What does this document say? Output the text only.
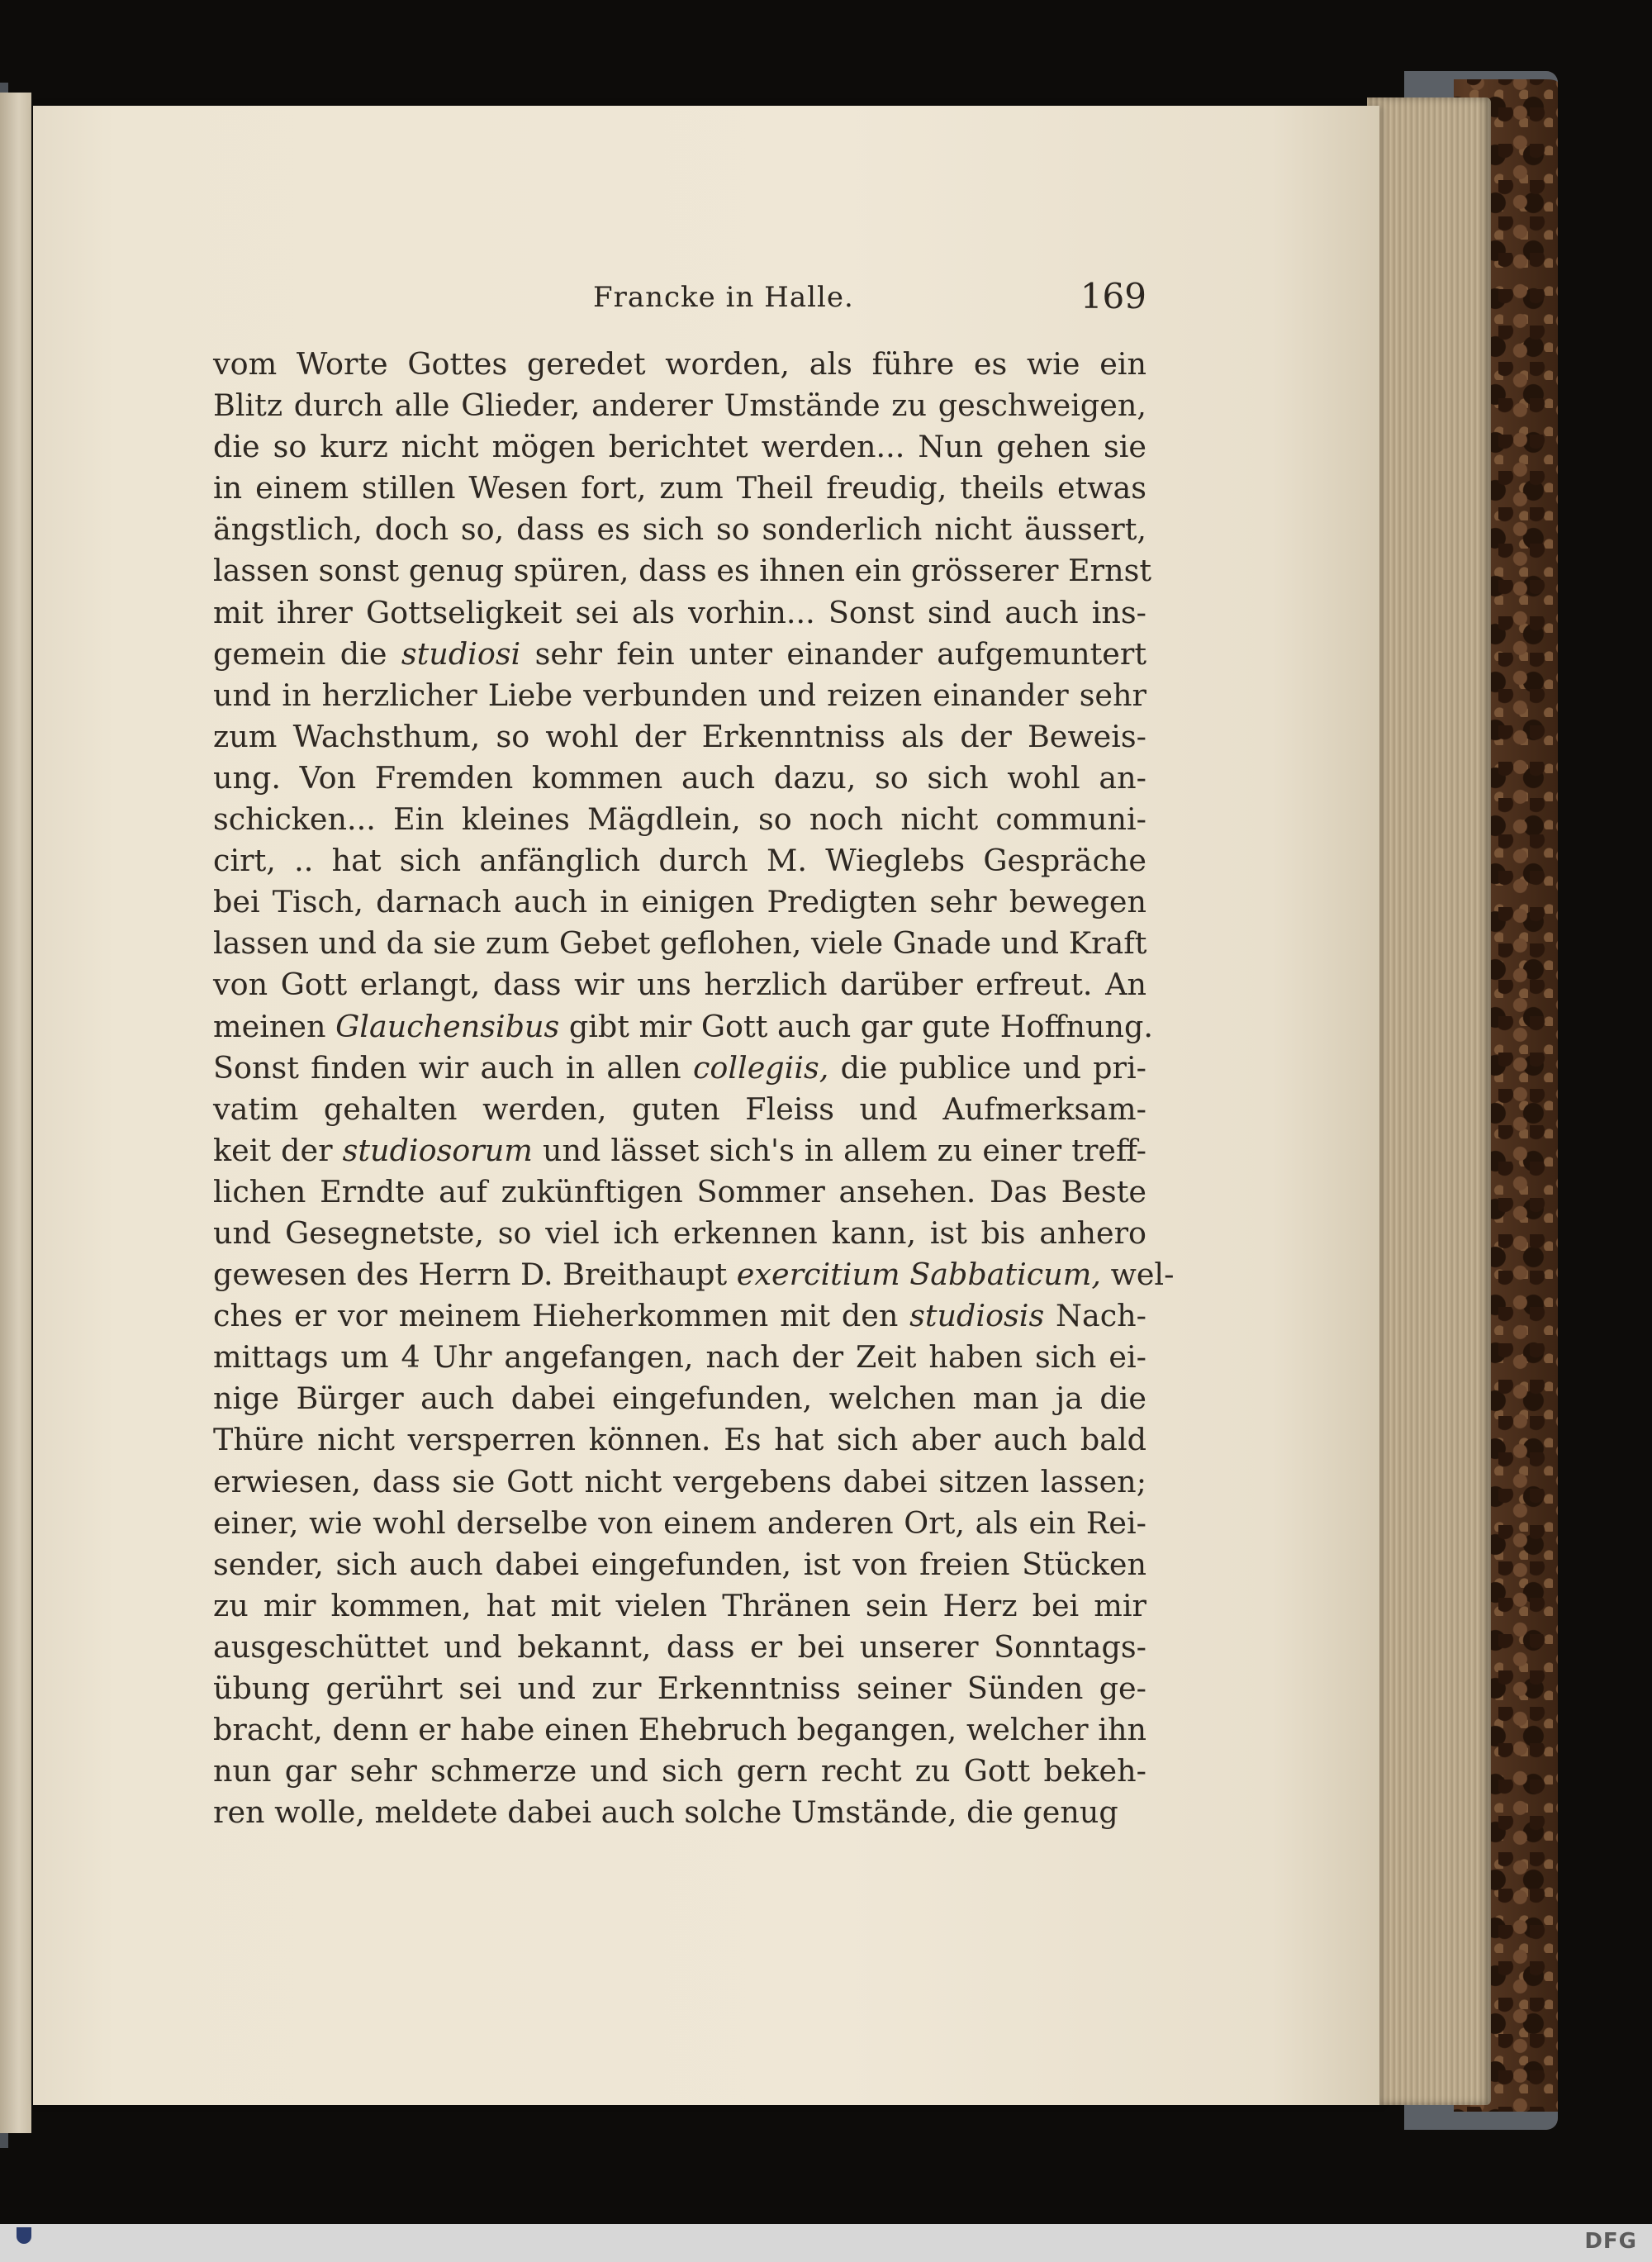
Francke in Halle.	169
vom Worte Gottes geredet worden, als führe es wie ein
Blitz durch alle Glieder, anderer Umstände zu geschweigen,
die so kurz nicht mögen berichtet werden... Nun gehen sie
in einem stillen Wesen fort, zum Theil freudig, theils etwas
ängstlich, doch so, dass es sich so sonderlich nicht äussert,
lassen sonst genug spüren, dass es ihnen ein grösserer Ernst
mit ihrer Gottseligkeit sei als vorhin... Sonst sind auch ins-
gemein die studiosi sehr fein unter einander aufgemuntert
und in herzlicher Liebe verbunden und reizen einander sehr
zum Wachsthum, so wohl der Erkenntniss als der Beweis-
ung. Von Fremden kommen auch dazu, so sich wohl an-
schicken... Ein kleines Mägdlein, so noch nicht communi-
cirt, .. hat sich anfänglich durch M. Wieglebs Gespräche
bei Tisch, darnach auch in einigen Predigten sehr bewegen
lassen und da sie zum Gebet geflohen, viele Gnade und Kraft
von Gott erlangt, dass wir uns herzlich darüber erfreut. An
meinen Glauchensibus gibt mir Gott auch gar gute Hoffnung.
Sonst finden wir auch in allen collegiis, die publice und pri-
vatim gehalten werden, guten Fleiss und Aufmerksam-
keit der studiosorum und lässet sich's in allem zu einer treff-
lichen Erndte auf zukünftigen Sommer ansehen. Das Beste
und Gesegnetste, so viel ich erkennen kann, ist bis anhero
gewesen des Herrn D. Breithaupt exercitium Sabbaticum, wel-
ches er vor meinem Hieherkommen mit den studiosis Nach-
mittags um 4 Uhr angefangen, nach der Zeit haben sich ei-
nige Bürger auch dabei eingefunden, welchen man ja die
Thüre nicht versperren können. Es hat sich aber auch bald
erwiesen, dass sie Gott nicht vergebens dabei sitzen lassen;
einer, wie wohl derselbe von einem anderen Ort, als ein Rei-
sender, sich auch dabei eingefunden, ist von freien Stücken
zu mir kommen, hat mit vielen Thränen sein Herz bei mir
ausgeschüttet und bekannt, dass er bei unserer Sonntags-
übung gerührt sei und zur Erkenntniss seiner Sünden ge-
bracht, denn er habe einen Ehebruch begangen, welcher ihn
nun gar sehr schmerze und sich gern recht zu Gott bekeh-
ren wolle, meldete dabei auch solche Umstände, die genug
DFG
